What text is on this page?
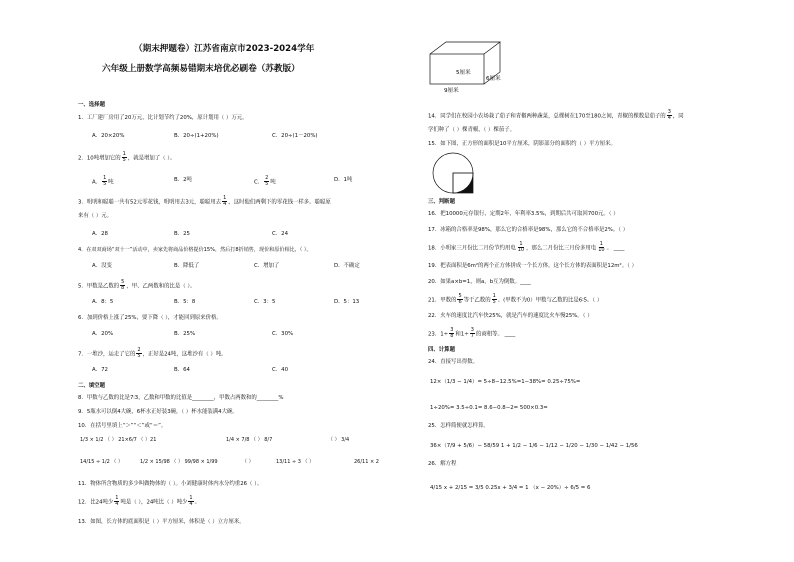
（期末押题卷）江苏省南京市2023-2024学年
六年级上册数学高频易错期末培优必刷卷（苏教版）
一、选择题
1．工厂建厂房用了20万元，比计划节约了20%，原计划用（ ）万元。
A．20×20%	B．20÷(1+20%)	C．20÷(1－20%)
2．10吨增加它的 $\frac{1}{5}$ ，就是增加了（ ）。
A． $\frac{1}{5}$ 吨	B．2吨	C． $\frac{2}{5}$ 吨	D．1吨
3．明明和聪聪一共有52元零花钱，明明用去3元，聪聪用去 $\frac{1}{4}$ ，这时他们两剩下的零花钱一样多。聪聪原
来有（ ）元。
A．28	B．25	C．24
4．在双双商场“双十一”活动中，卖家先将商品价格提价15%，然后打8折销售，现价和原价相比，（ ）。
A．没变	B．降低了	C．增加了	D．不确定
5．甲数是乙数的 $\frac{5}{8}$ ，甲、乙两数和的比是（ ）。
A．8：5	B．5：8	C．3：5	D．5：13
6．加到价格上涨了25%，要下降（ ），才能回到原来价格。
A．20%	B．25%	C．30%
7．一堆沙，运走了它的 $\frac{2}{5}$ ，正好是24吨，这堆沙有（ ）吨。
A．72	B．64	C．40
二、填空题
8．甲数与乙数的比是7∶3，乙数和甲数的比值是________，甲数占两数和的________%
9．5瓶水可以倒4大碗，6杯水正好装3碗，（ ）杯水能装满4大碗。
10．在括号里填上“＞”“＜”或“＝”。
1/3 × 1/2 （ ） 21×6/7 （ ）21	1/4 × 7/8 （ ） 8/7	（ ） 3/4
14/15 ÷ 1/2 （ ）	1/2 × 15/98 （ ） 99/98 × 1/99	（ ）	13/11 ÷ 3 （ ）	26/11 × 2
11．物体所含物质的多少叫做物体的（ ）。小刘健康时体内水分约重26（ ）。
12．比24吨少 $\frac{1}{4}$ 吨是（ ），24吨比（ ）吨少 $\frac{1}{4}$ 。
13．如图，长方体的底面积是（ ）平方厘米，体积是（ ）立方厘米。
5厘米
6厘米
9厘米
14．同学们在校园小农场栽了茄子和青椒两种蔬菜，总棵树在170至180之间，青椒的棵数是茄子的 $\frac{3}{4}$ ，同
学们种了（ ）棵青椒，（ ）棵茄子。
15．如下图，正方形的面积是10平方厘米，阴影部分的面积约（ ）平方厘米。
三、判断题
16．把10000元存银行，定期2年，年利率3.5%，到期后共可取回700元。（ ）
17．冰箱的合格率是98%，那么它的合格率是98%，那么它的不合格率是2%。（ ）
18．小明家三月份比二月份节约用电 $\frac{1}{10}$ ，那么二月份比三月份多用电 $\frac{1}{10}$ 。 ____
19．把表面积是6m²的两个正方体拼成一个长方体，这个长方体的表面积是12m²。（ ）
20．如果a×b=1，则a，b互为倒数。____
21．甲数的 $\frac{5}{6}$ 等于乙数的 $\frac{1}{5}$ 。(甲数不为0）甲数与乙数的比是6∶5。（ ）
22．火车的速度比汽车快25%，就是汽车的速度比火车慢25%。（ ）
23．$1\div \frac{3}{8}$ 和$1\div \frac{3}{7}$ 的商相等。 ____
四、计算题
24．直接写出得数。
12×（1/3 − 1/4）= 5÷8−12.5%=1−38%= 0.25÷75%=
1÷20%= 3.5÷0.1= 8.6−0.8−2= 500×0.3=
25．怎样简便就怎样算。
36×（7/9 + 5/6）− 58/59 1 + 1/2 − 1/6 − 1/12 − 1/20 − 1/30 − 1/42 − 1/56
26．解方程
4/15 x + 2/15 = 3/5 0.25x + 3/4 = 1 （x − 20%）÷ 6/5 = 6
